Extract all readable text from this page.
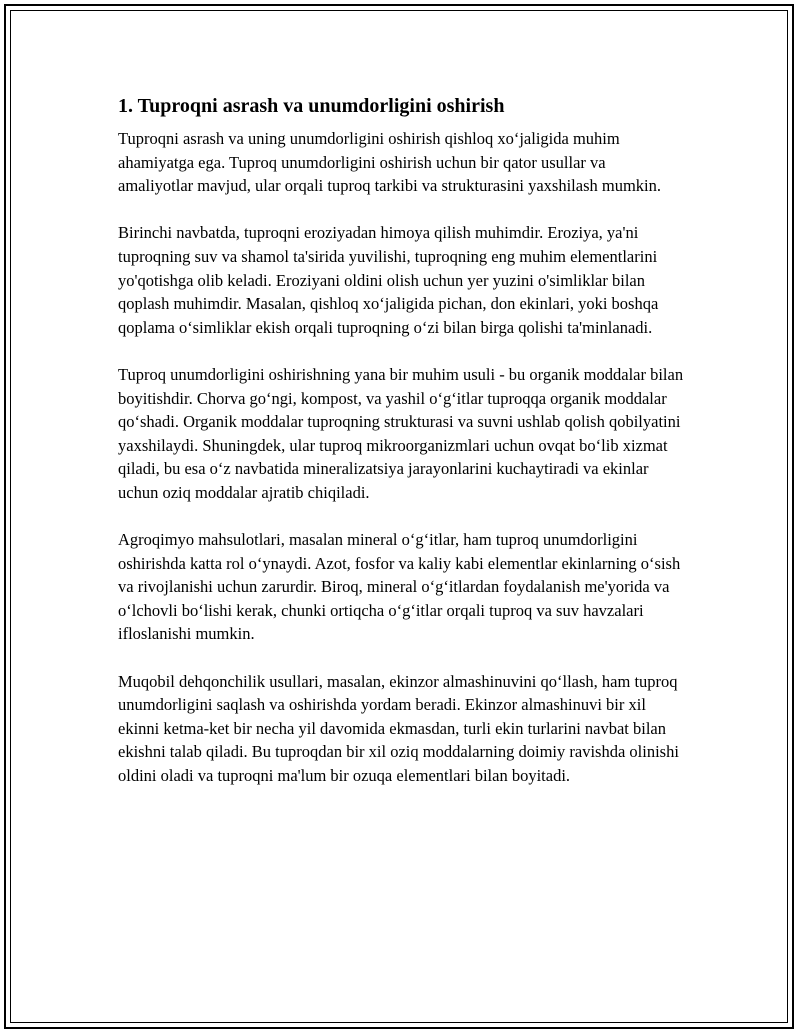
1. Tuproqni asrash va unumdorligini oshirish

Tuproqni asrash va uning unumdorligini oshirish qishloq xo‘jaligida muhim ahamiyatga ega. Tuproq unumdorligini oshirish uchun bir qator usullar va amaliyotlar mavjud, ular orqali tuproq tarkibi va strukturasini yaxshilash mumkin.

Birinchi navbatda, tuproqni eroziyadan himoya qilish muhimdir. Eroziya, ya'ni tuproqning suv va shamol ta'sirida yuvilishi, tuproqning eng muhim elementlarini yo'qotishga olib keladi. Eroziyani oldini olish uchun yer yuzini o'simliklar bilan qoplash muhimdir. Masalan, qishloq xo‘jaligida pichan, don ekinlari, yoki boshqa qoplama o‘simliklar ekish orqali tuproqning o‘zi bilan birga qolishi ta'minlanadi.

Tuproq unumdorligini oshirishning yana bir muhim usuli - bu organik moddalar bilan boyitishdir. Chorva go‘ngi, kompost, va yashil o‘g‘itlar tuproqqa organik moddalar qo‘shadi. Organik moddalar tuproqning strukturasi va suvni ushlab qolish qobilyatini yaxshilaydi. Shuningdek, ular tuproq mikroorganizmlari uchun ovqat bo‘lib xizmat qiladi, bu esa o‘z navbatida mineralizatsiya jarayonlarini kuchaytiradi va ekinlar uchun oziq moddalar ajratib chiqiladi.

Agroqimyo mahsulotlari, masalan mineral o‘g‘itlar, ham tuproq unumdorligini oshirishda katta rol o‘ynaydi. Azot, fosfor va kaliy kabi elementlar ekinlarning o‘sish va rivojlanishi uchun zarurdir. Biroq, mineral o‘g‘itlardan foydalanish me'yorida va o‘lchovli bo‘lishi kerak, chunki ortiqcha o‘g‘itlar orqali tuproq va suv havzalari ifloslanishi mumkin.

Muqobil dehqonchilik usullari, masalan, ekinzor almashinuvini qo‘llash, ham tuproq unumdorligini saqlash va oshirishda yordam beradi. Ekinzor almashinuvi bir xil ekinni ketma-ket bir necha yil davomida ekmasdan, turli ekin turlarini navbat bilan ekishni talab qiladi. Bu tuproqdan bir xil oziq moddalarning doimiy ravishda olinishi oldini oladi va tuproqni ma'lum bir ozuqa elementlari bilan boyitadi.
